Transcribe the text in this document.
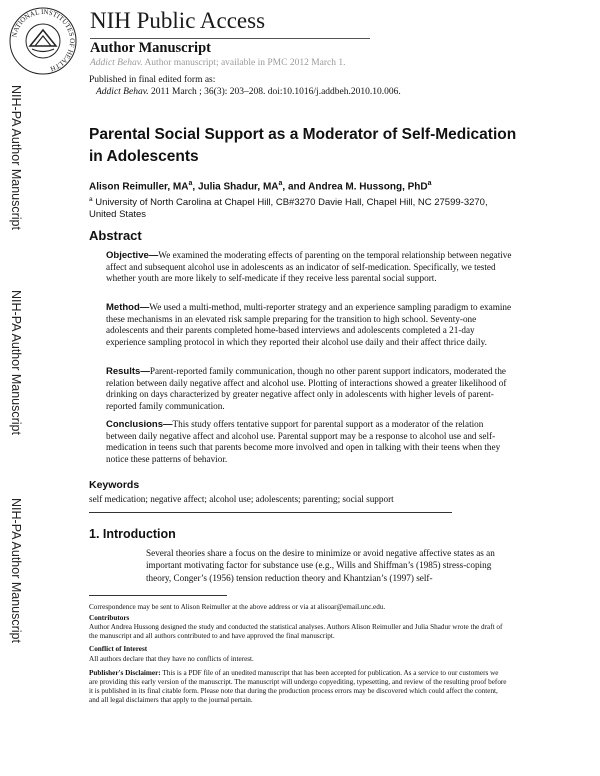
NATIONAL INSTITUTES OF HEALTH
NIH Public Access
Author Manuscript
Addict Behav. Author manuscript; available in PMC 2012 March 1.
NIH-PA Author Manuscript
NIH-PA Author Manuscript
NIH-PA Author Manuscript
Published in final edited form as:
Addict Behav. 2011 March ; 36(3): 203–208. doi:10.1016/j.addbeh.2010.10.006.
Parental Social Support as a Moderator of Self-Medication in Adolescents
Alison Reimuller, $MA^a$, Julia Shadur, $MA^a$, and Andrea M. Hussong, PhD$^a$
$^a$ University of North Carolina at Chapel Hill, CB#3270 Davie Hall, Chapel Hill, NC 27599-3270, United States
Abstract
Objective—We examined the moderating effects of parenting on the temporal relationship between negative affect and subsequent alcohol use in adolescents as an indicator of self-medication. Specifically, we tested whether youth are more likely to self-medicate if they receive less parental social support.
Method—We used a multi-method, multi-reporter strategy and an experience sampling paradigm to examine these mechanisms in an elevated risk sample preparing for the transition to high school. Seventy-one adolescents and their parents completed home-based interviews and adolescents completed a 21-day experience sampling protocol in which they reported their alcohol use daily and their affect thrice daily.
Results—Parent-reported family communication, though no other parent support indicators, moderated the relation between daily negative affect and alcohol use. Plotting of interactions showed a greater likelihood of drinking on days characterized by greater negative affect only in adolescents with higher levels of parent-reported family communication.
Conclusions—This study offers tentative support for parental support as a moderator of the relation between daily negative affect and alcohol use. Parental support may be a response to alcohol use and self-medication in teens such that parents become more involved and open in talking with their teens when they notice these patterns of behavior.
Keywords
self medication; negative affect; alcohol use; adolescents; parenting; social support
1. Introduction
Several theories share a focus on the desire to minimize or avoid negative affective states as an important motivating factor for substance use (e.g., Wills and Shiffman’s (1985) stress-coping theory, Conger’s (1956) tension reduction theory and Khantzian’s (1997) self-
Correspondence may be sent to Alison Reimuller at the above address or via at alisoar@email.unc.edu.
Contributors
Author Andrea Hussong designed the study and conducted the statistical analyses. Authors Alison Reimuller and Julia Shadur wrote the draft of the manuscript and all authors contributed to and have approved the final manuscript.
Conflict of Interest
All authors declare that they have no conflicts of interest.
Publisher's Disclaimer: This is a PDF file of an unedited manuscript that has been accepted for publication. As a service to our customers we are providing this early version of the manuscript. The manuscript will undergo copyediting, typesetting, and review of the resulting proof before it is published in its final citable form. Please note that during the production process errors may be discovered which could affect the content, and all legal disclaimers that apply to the journal pertain.
